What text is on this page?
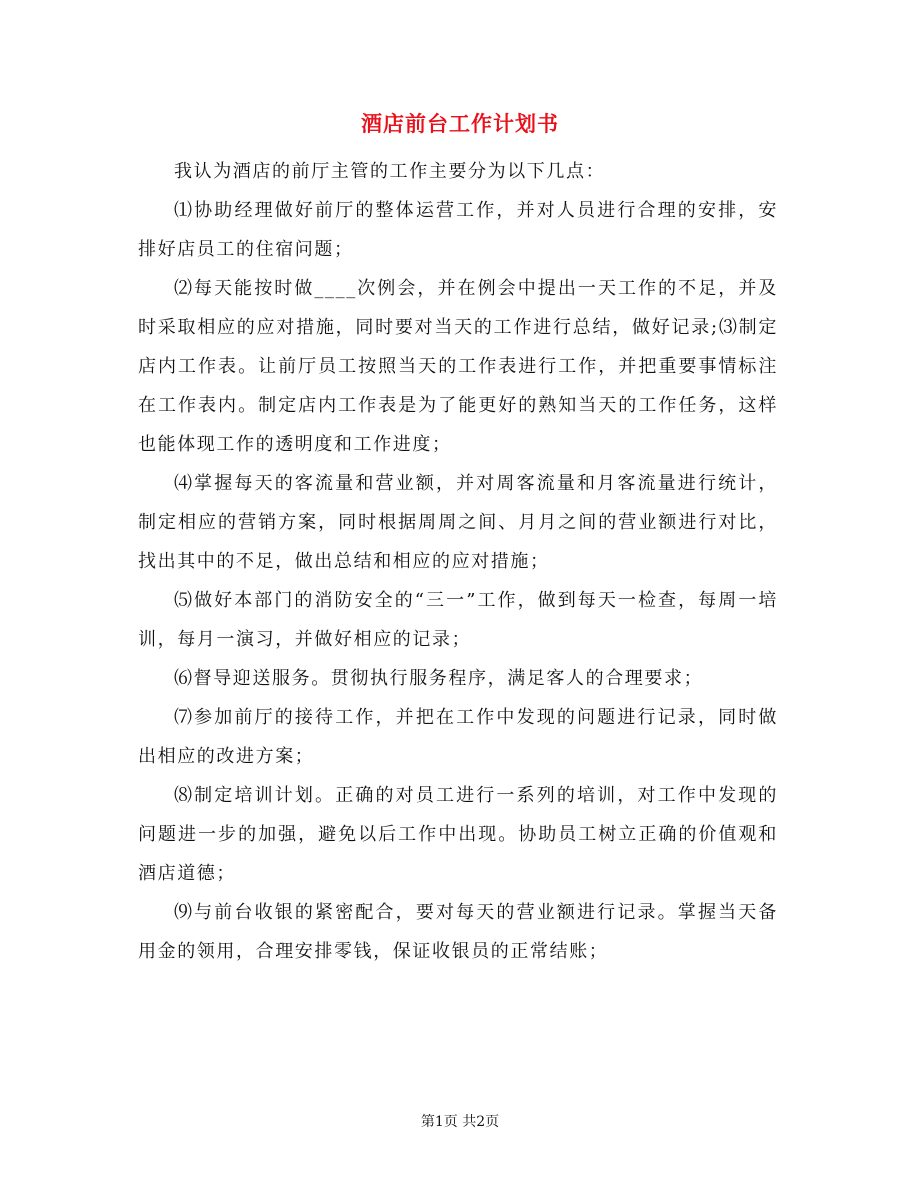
酒店前台工作计划书

我认为酒店的前厅主管的工作主要分为以下几点：

⑴协助经理做好前厅的整体运营工作，并对人员进行合理的安排，安排好店员工的住宿问题；

⑵每天能按时做____次例会，并在例会中提出一天工作的不足，并及时采取相应的应对措施，同时要对当天的工作进行总结，做好记录;⑶制定店内工作表。让前厅员工按照当天的工作表进行工作，并把重要事情标注在工作表内。制定店内工作表是为了能更好的熟知当天的工作任务，这样也能体现工作的透明度和工作进度；

⑷掌握每天的客流量和营业额，并对周客流量和月客流量进行统计，制定相应的营销方案，同时根据周周之间、月月之间的营业额进行对比，找出其中的不足，做出总结和相应的应对措施；

⑸做好本部门的消防安全的“三一”工作，做到每天一检查，每周一培训，每月一演习，并做好相应的记录；

⑹督导迎送服务。贯彻执行服务程序，满足客人的合理要求；

⑺参加前厅的接待工作，并把在工作中发现的问题进行记录，同时做出相应的改进方案；

⑻制定培训计划。正确的对员工进行一系列的培训，对工作中发现的问题进一步的加强，避免以后工作中出现。协助员工树立正确的价值观和酒店道德；

⑼与前台收银的紧密配合，要对每天的营业额进行记录。掌握当天备用金的领用，合理安排零钱，保证收银员的正常结账；

第1页 共2页
